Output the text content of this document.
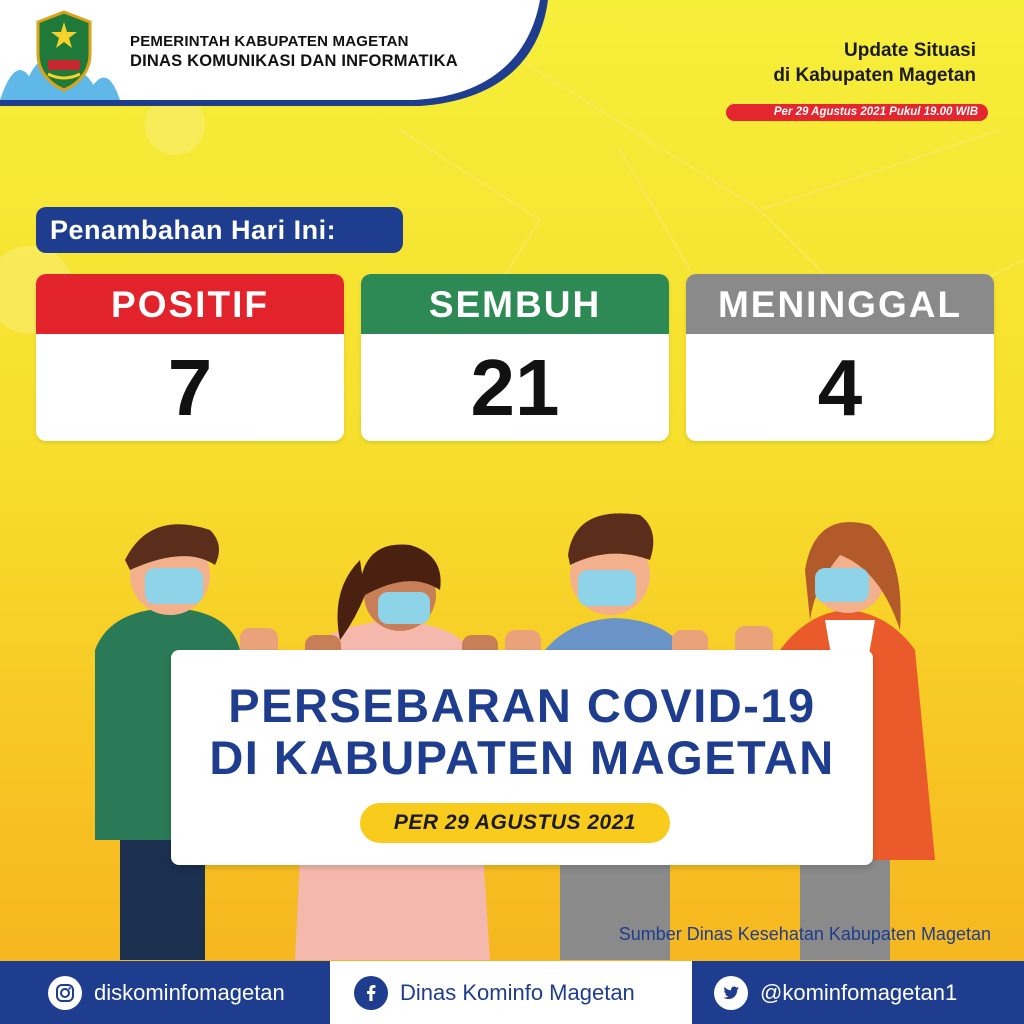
PEMERINTAH KABUPATEN MAGETAN
DINAS KOMUNIKASI DAN INFORMATIKA	Update Situasi
di Kabupaten Magetan
Per 29 Agustus 2021 Pukul 19.00 WIB
Penambahan Hari Ini:
POSITIF
7
SEMBUH
21
MENINGGAL
4
PERSEBARAN COVID-19
DI KABUPATEN MAGETAN
PER 29 AGUSTUS 2021
Sumber Dinas Kesehatan Kabupaten Magetan
diskominfomagetan	Dinas Kominfo Magetan	@kominfomagetan1
